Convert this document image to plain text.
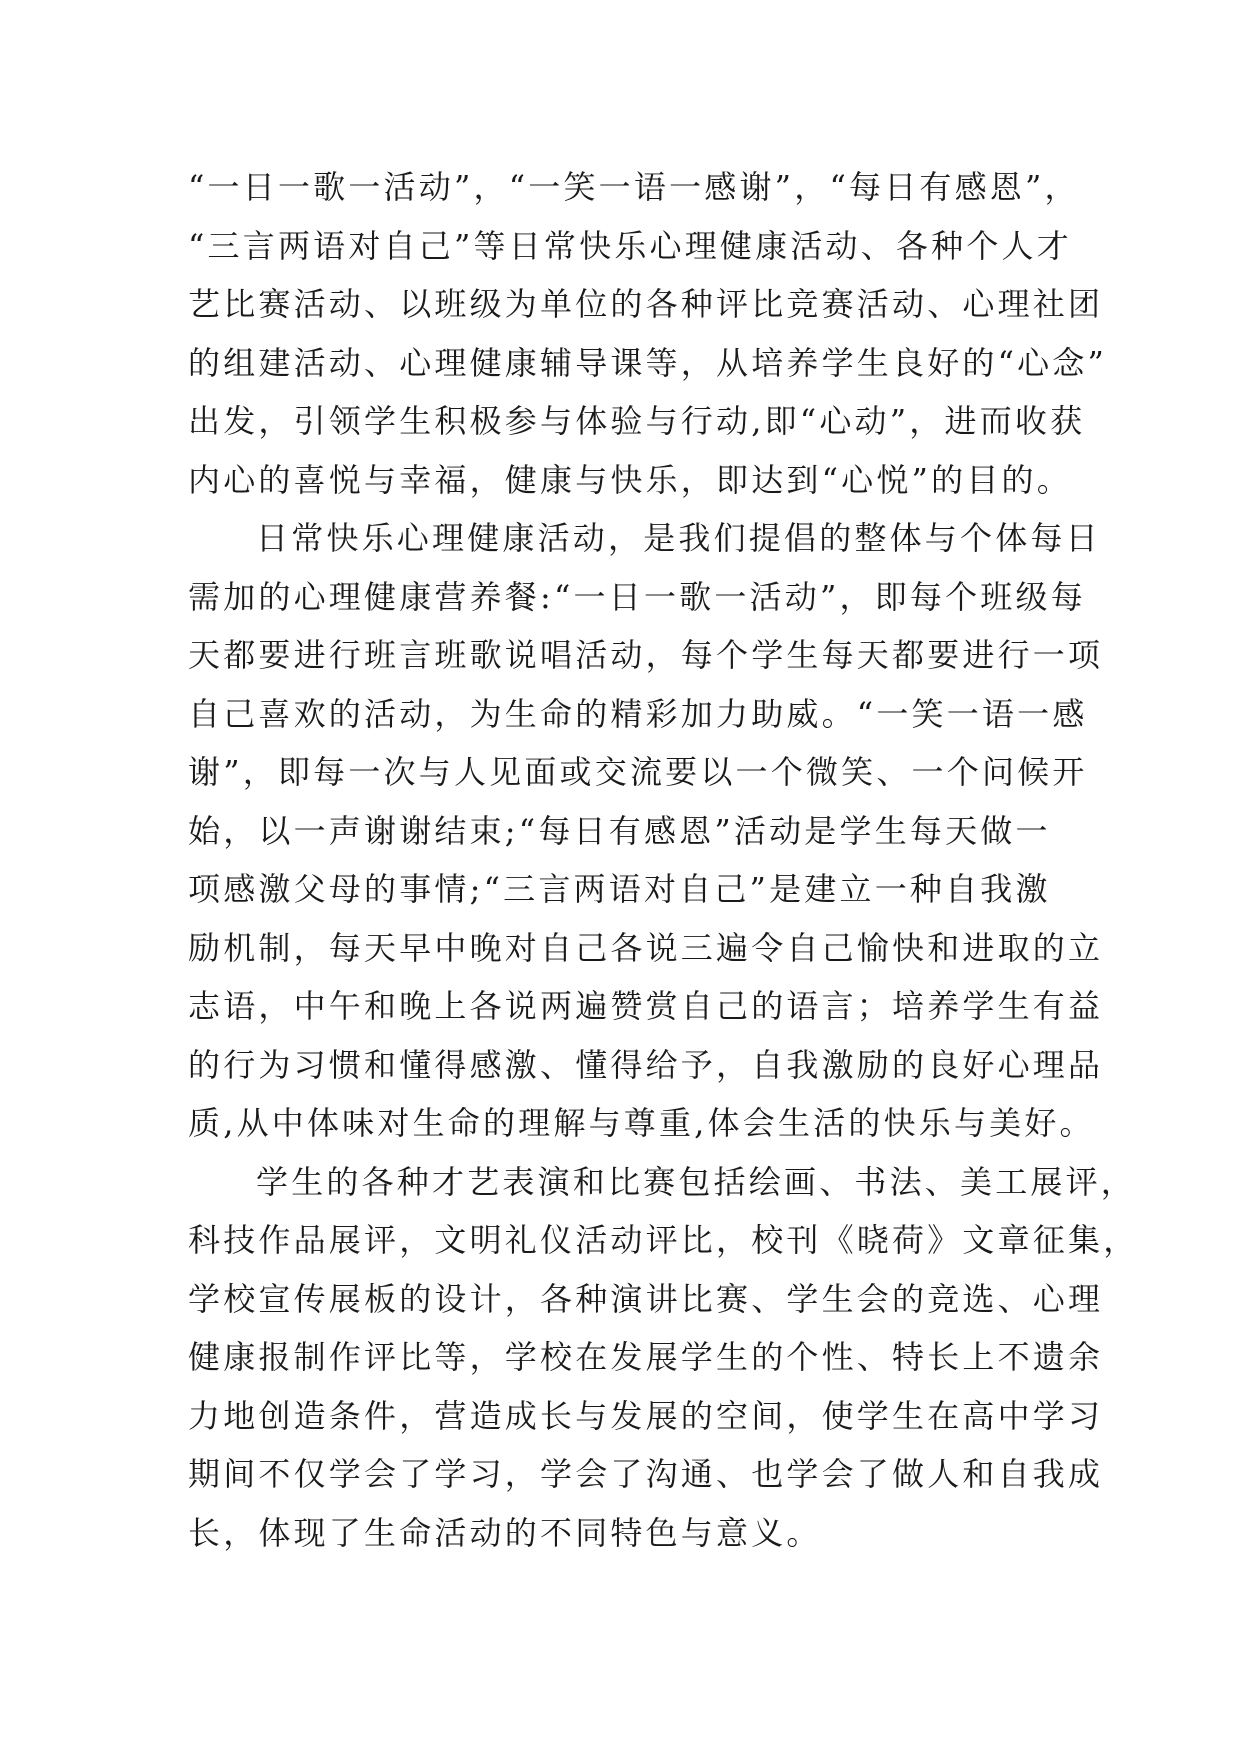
“一日一歌一活动”，“一笑一语一感谢”，“每日有感恩”，
“三言两语对自己”等日常快乐心理健康活动、各种个人才
艺比赛活动、以班级为单位的各种评比竞赛活动、心理社团
的组建活动、心理健康辅导课等，从培养学生良好的“心念”
出发，引领学生积极参与体验与行动,即“心动”，进而收获
内心的喜悦与幸福，健康与快乐，即达到“心悦”的目的。
日常快乐心理健康活动，是我们提倡的整体与个体每日
需加的心理健康营养餐:“一日一歌一活动”，即每个班级每
天都要进行班言班歌说唱活动，每个学生每天都要进行一项
自己喜欢的活动，为生命的精彩加力助威。“一笑一语一感
谢”，即每一次与人见面或交流要以一个微笑、一个问候开
始，以一声谢谢结束;“每日有感恩”活动是学生每天做一
项感激父母的事情;“三言两语对自己”是建立一种自我激
励机制，每天早中晚对自己各说三遍令自己愉快和进取的立
志语，中午和晚上各说两遍赞赏自己的语言；培养学生有益
的行为习惯和懂得感激、懂得给予，自我激励的良好心理品
质,从中体味对生命的理解与尊重,体会生活的快乐与美好。
学生的各种才艺表演和比赛包括绘画、书法、美工展评，
科技作品展评，文明礼仪活动评比，校刊《晓荷》文章征集，
学校宣传展板的设计，各种演讲比赛、学生会的竞选、心理
健康报制作评比等，学校在发展学生的个性、特长上不遗余
力地创造条件，营造成长与发展的空间，使学生在高中学习
期间不仅学会了学习，学会了沟通、也学会了做人和自我成
长，体现了生命活动的不同特色与意义。
